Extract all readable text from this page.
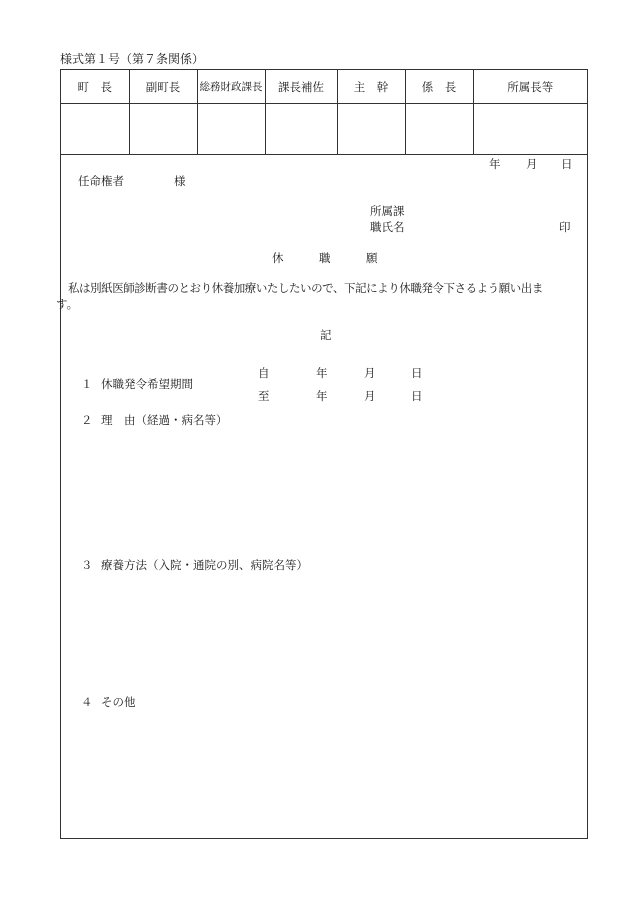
様式第１号（第７条関係）
町　長	副町長	総務財政課長	課長補佐	主　幹	係　長	所属長等

年 月 日
任命権者	様
所属課
職氏名	印
休	職	願
私は別紙医師診断書のとおり休養加療いたしたいので、下記により休職発令下さるよう願い出ま
す。
記
自	年	月	日
１ 休職発令希望期間
至	年	月	日
２ 理 由（経過・病名等）
３ 療養方法（入院・通院の別、病院名等）
４ その他
